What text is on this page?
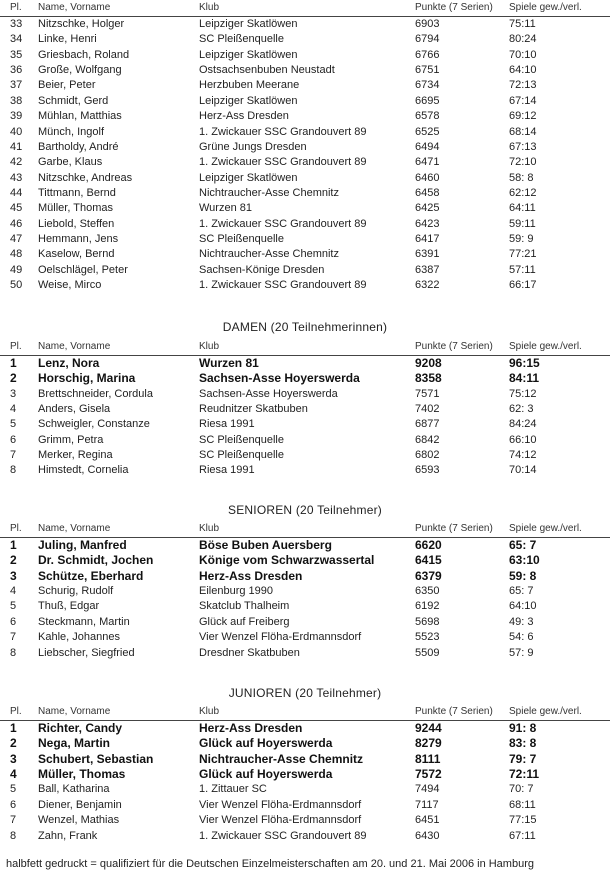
Pl.	Name, Vorname	Klub	Punkte (7 Serien)	Spiele gew./verl.
33	Nitzschke, Holger	Leipziger Skatlöwen	6903	75:11
34	Linke, Henri	SC Pleißenquelle	6794	80:24
35	Griesbach, Roland	Leipziger Skatlöwen	6766	70:10
36	Große, Wolfgang	Ostsachsenbuben Neustadt	6751	64:10
37	Beier, Peter	Herzbuben Meerane	6734	72:13
38	Schmidt, Gerd	Leipziger Skatlöwen	6695	67:14
39	Mühlan, Matthias	Herz-Ass Dresden	6578	69:12
40	Münch, Ingolf	1. Zwickauer SSC Grandouvert 89	6525	68:14
41	Bartholdy, André	Grüne Jungs Dresden	6494	67:13
42	Garbe, Klaus	1. Zwickauer SSC Grandouvert 89	6471	72:10
43	Nitzschke, Andreas	Leipziger Skatlöwen	6460	58: 8
44	Tittmann, Bernd	Nichtraucher-Asse Chemnitz	6458	62:12
45	Müller, Thomas	Wurzen 81	6425	64:11
46	Liebold, Steffen	1. Zwickauer SSC Grandouvert 89	6423	59:11
47	Hemmann, Jens	SC Pleißenquelle	6417	59: 9
48	Kaselow, Bernd	Nichtraucher-Asse Chemnitz	6391	77:21
49	Oelschlägel, Peter	Sachsen-Könige Dresden	6387	57:11
50	Weise, Mirco	1. Zwickauer SSC Grandouvert 89	6322	66:17
DAMEN (20 Teilnehmerinnen)
Pl.	Name, Vorname	Klub	Punkte (7 Serien)	Spiele gew./verl.
1	Lenz, Nora	Wurzen 81	9208	96:15
2	Horschig, Marina	Sachsen-Asse Hoyerswerda	8358	84:11
3	Brettschneider, Cordula	Sachsen-Asse Hoyerswerda	7571	75:12
4	Anders, Gisela	Reudnitzer Skatbuben	7402	62: 3
5	Schweigler, Constanze	Riesa 1991	6877	84:24
6	Grimm, Petra	SC Pleißenquelle	6842	66:10
7	Merker, Regina	SC Pleißenquelle	6802	74:12
8	Himstedt, Cornelia	Riesa 1991	6593	70:14
SENIOREN (20 Teilnehmer)
Pl.	Name, Vorname	Klub	Punkte (7 Serien)	Spiele gew./verl.
1	Juling, Manfred	Böse Buben Auersberg	6620	65: 7
2	Dr. Schmidt, Jochen	Könige vom Schwarzwassertal	6415	63:10
3	Schütze, Eberhard	Herz-Ass Dresden	6379	59: 8
4	Schurig, Rudolf	Eilenburg 1990	6350	65: 7
5	Thuß, Edgar	Skatclub Thalheim	6192	64:10
6	Steckmann, Martin	Glück auf Freiberg	5698	49: 3
7	Kahle, Johannes	Vier Wenzel Flöha-Erdmannsdorf	5523	54: 6
8	Liebscher, Siegfried	Dresdner Skatbuben	5509	57: 9
JUNIOREN (20 Teilnehmer)
Pl.	Name, Vorname	Klub	Punkte (7 Serien)	Spiele gew./verl.
1	Richter, Candy	Herz-Ass Dresden	9244	91: 8
2	Nega, Martin	Glück auf Hoyerswerda	8279	83: 8
3	Schubert, Sebastian	Nichtraucher-Asse Chemnitz	8111	79: 7
4	Müller, Thomas	Glück auf Hoyerswerda	7572	72:11
5	Ball, Katharina	1. Zittauer SC	7494	70: 7
6	Diener, Benjamin	Vier Wenzel Flöha-Erdmannsdorf	7117	68:11
7	Wenzel, Mathias	Vier Wenzel Flöha-Erdmannsdorf	6451	77:15
8	Zahn, Frank	1. Zwickauer SSC Grandouvert 89	6430	67:11
halbfett gedruckt = qualifiziert für die Deutschen Einzelmeisterschaften am 20. und 21. Mai 2006 in Hamburg
